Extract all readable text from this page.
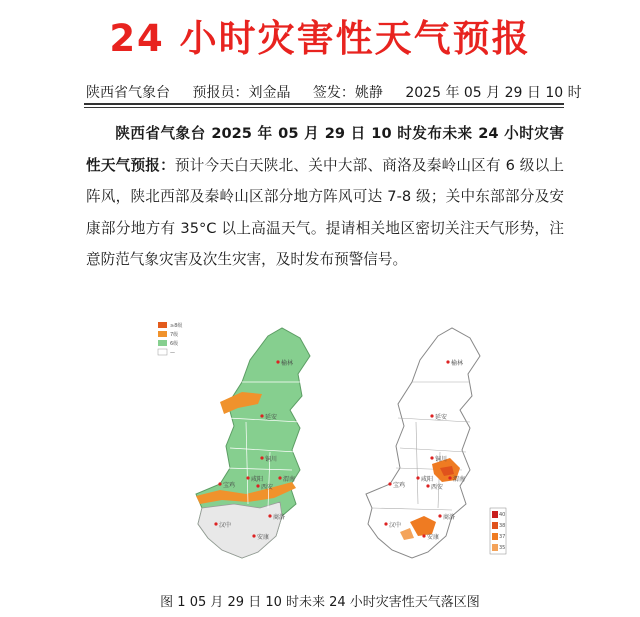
24 小时灾害性天气预报
陕西省气象台 预报员：刘金晶 签发：姚静 2025 年 05 月 29 日 10 时

陕西省气象台 2025 年 05 月 29 日 10 时发布未来 24 小时灾害性天气预报：预计今天白天陕北、关中大部、商洛及秦岭山区有 6 级以上阵风，陕北西部及秦岭山区部分地方阵风可达 7-8 级；关中东部部分及安康部分地方有 35°C 以上高温天气。提请相关地区密切关注天气形势，注意防范气象灾害及次生灾害，及时发布预警信号。

≥8级
7级
6级
—
榆林
延安
铜川
宝鸡
咸阳
西安
渭南
汉中
安康
商洛	40
38
37
35
榆林
延安
铜川
宝鸡
咸阳
西安
渭南
汉中
安康
商洛
图 1 05 月 29 日 10 时未来 24 小时灾害性天气落区图
